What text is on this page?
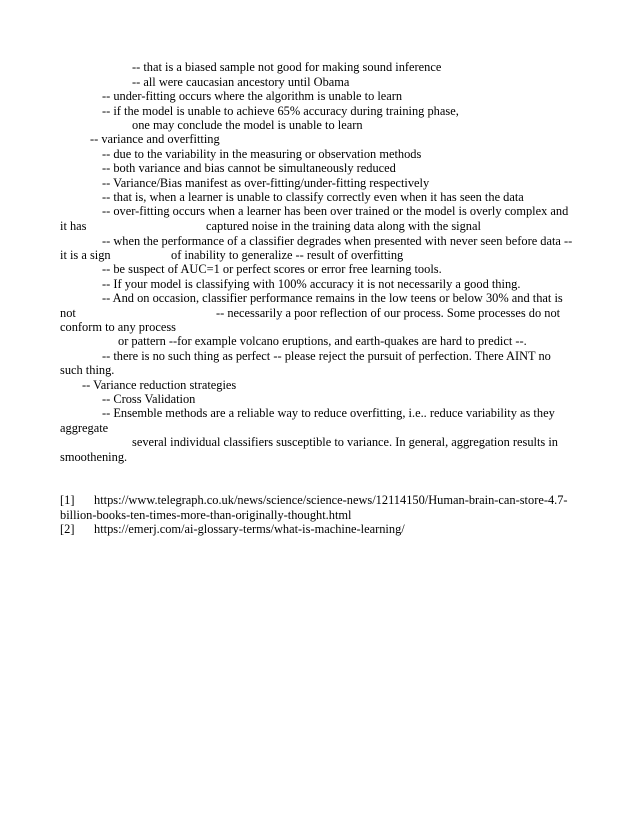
-- that is a biased sample not good for making sound inference
-- all were caucasian ancestory until Obama
-- under-fitting occurs where the algorithm is unable to learn
-- if the model is unable to achieve 65% accuracy during training phase,
one may conclude the model is unable to learn
-- variance and overfitting
-- due to the variability in the measuring or observation methods
-- both variance and bias cannot be simultaneously reduced
-- Variance/Bias manifest as over-fitting/under-fitting respectively
-- that is, when a learner is unable to classify correctly even when it has seen the data
-- over-fitting occurs when a learner has been over trained or the model is overly complex and
it has	captured noise in the training data along with the signal
-- when the performance of a classifier degrades when presented with never seen before data --
it is a sign	of inability to generalize -- result of overfitting
-- be suspect of AUC=1 or perfect scores or error free learning tools.
-- If your model is classifying with 100% accuracy it is not necessarily a good thing.
-- And on occasion, classifier performance remains in the low teens or below 30% and that is
not	-- necessarily a poor reflection of our process. Some processes do not
conform to any process
or pattern --for example volcano eruptions, and earth-quakes are hard to predict --.
-- there is no such thing as perfect -- please reject the pursuit of perfection. There AINT no
such thing.
-- Variance reduction strategies
-- Cross Validation
-- Ensemble methods are a reliable way to reduce overfitting, i.e.. reduce variability as they
aggregate
several individual classifiers susceptible to variance. In general, aggregation results in
smoothening.
[1] https://www.telegraph.co.uk/news/science/science-news/12114150/Human-brain-can-store-4.7-
billion-books-ten-times-more-than-originally-thought.html
[2] https://emerj.com/ai-glossary-terms/what-is-machine-learning/
